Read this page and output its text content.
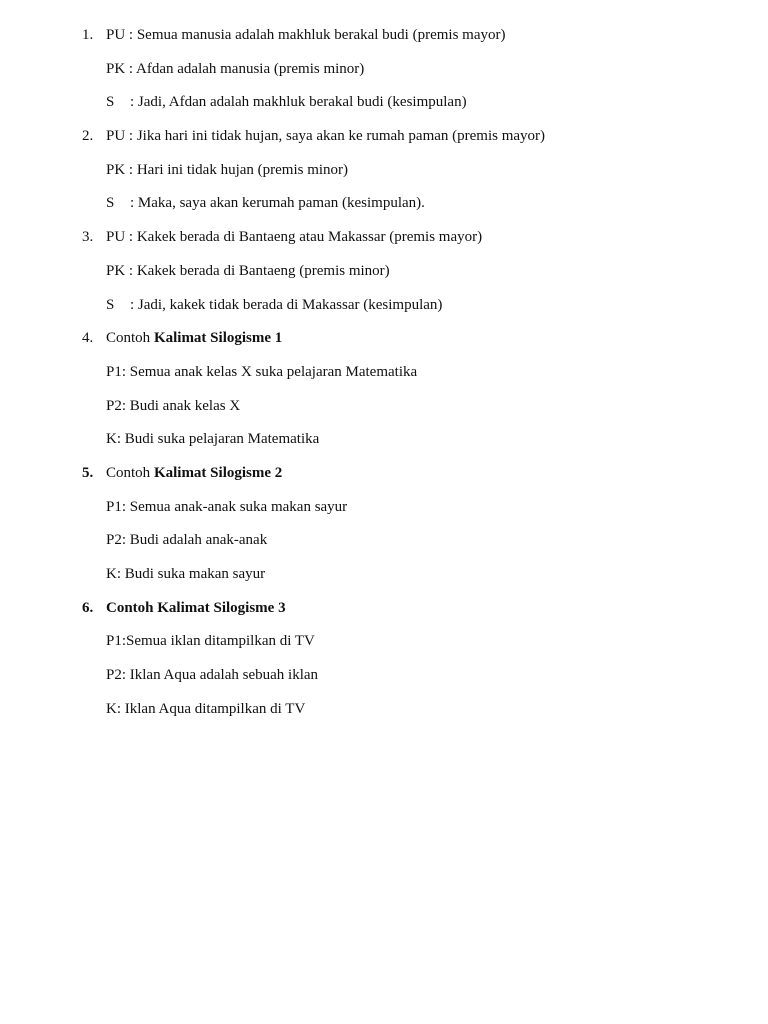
1. PU : Semua manusia adalah makhluk berakal budi (premis mayor)
PK : Afdan adalah manusia (premis minor)
S : Jadi, Afdan adalah makhluk berakal budi (kesimpulan)
2. PU : Jika hari ini tidak hujan, saya akan ke rumah paman (premis mayor)
PK : Hari ini tidak hujan (premis minor)
S : Maka, saya akan kerumah paman (kesimpulan).
3. PU : Kakek berada di Bantaeng atau Makassar (premis mayor)
PK : Kakek berada di Bantaeng (premis minor)
S : Jadi, kakek tidak berada di Makassar (kesimpulan)
4. Contoh Kalimat Silogisme 1
P1: Semua anak kelas X suka pelajaran Matematika
P2: Budi anak kelas X
K: Budi suka pelajaran Matematika
5. Contoh Kalimat Silogisme 2
P1: Semua anak-anak suka makan sayur
P2: Budi adalah anak-anak
K: Budi suka makan sayur
6. Contoh Kalimat Silogisme 3
P1:Semua iklan ditampilkan di TV
P2: Iklan Aqua adalah sebuah iklan
K: Iklan Aqua ditampilkan di TV
